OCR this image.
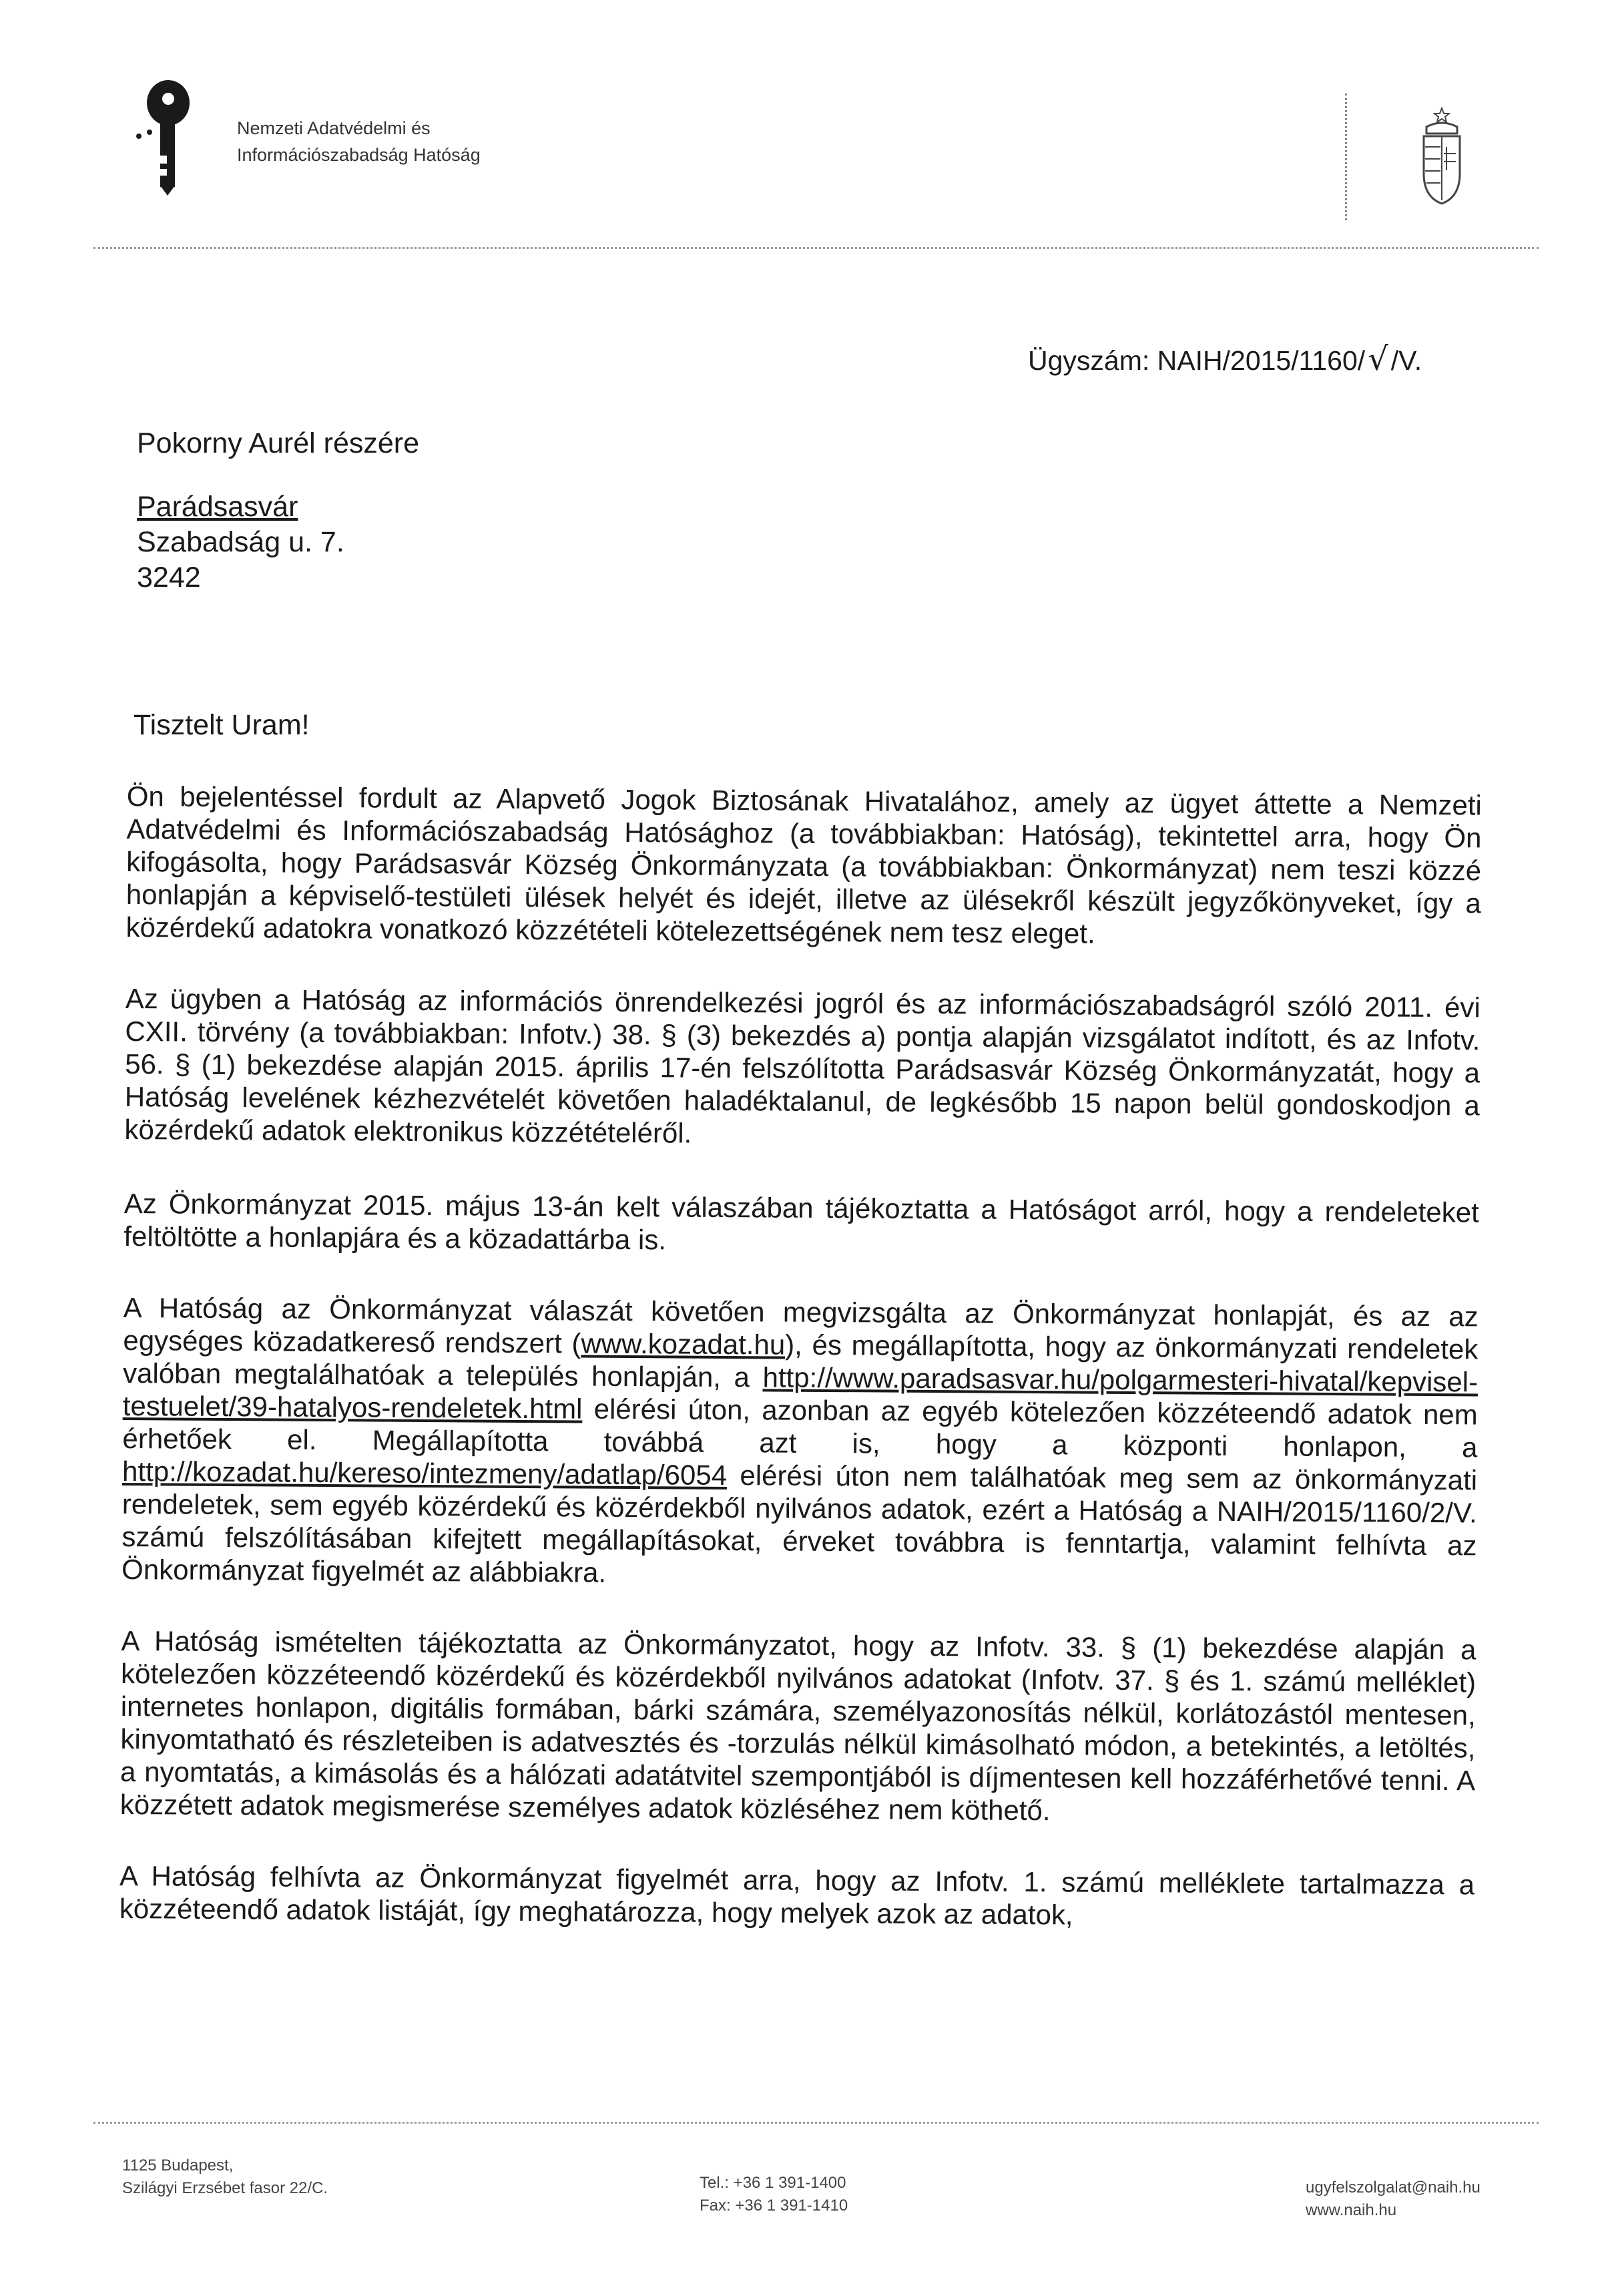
Nemzeti Adatvédelmi és
Információszabadság Hatóság
Ügyszám: NAIH/2015/1160/√/V.
Pokorny Aurél részére
Parádsasvár
Szabadság u. 7.
3242
Tisztelt Uram!

Ön bejelentéssel fordult az Alapvető Jogok Biztosának Hivatalához, amely az ügyet áttette a Nemzeti Adatvédelmi és Információszabadság Hatósághoz (a továbbiakban: Hatóság), tekintettel arra, hogy Ön kifogásolta, hogy Parádsasvár Község Önkormányzata (a továbbiakban: Önkormányzat) nem teszi közzé honlapján a képviselő-testületi ülések helyét és idejét, illetve az ülésekről készült jegyzőkönyveket, így a közérdekű adatokra vonatkozó közzétételi kötelezettségének nem tesz eleget.

Az ügyben a Hatóság az információs önrendelkezési jogról és az információszabadságról szóló 2011. évi CXII. törvény (a továbbiakban: Infotv.) 38. § (3) bekezdés a) pontja alapján vizsgálatot indított, és az Infotv. 56. § (1) bekezdése alapján 2015. április 17-én felszólította Parádsasvár Község Önkormányzatát, hogy a Hatóság levelének kézhezvételét követően haladéktalanul, de legkésőbb 15 napon belül gondoskodjon a közérdekű adatok elektronikus közzétételéről.

Az Önkormányzat 2015. május 13-án kelt válaszában tájékoztatta a Hatóságot arról, hogy a rendeleteket feltöltötte a honlapjára és a közadattárba is.

A Hatóság az Önkormányzat válaszát követően megvizsgálta az Önkormányzat honlapját, és az az egységes közadatkereső rendszert (www.kozadat.hu), és megállapította, hogy az önkormányzati rendeletek valóban megtalálhatóak a település honlapján, a http://www.paradsasvar.hu/polgarmesteri-hivatal/kepvisel-testuelet/39-hatalyos-rendeletek.html elérési úton, azonban az egyéb kötelezően közzéteendő adatok nem érhetőek el. Megállapította továbbá azt is, hogy a központi honlapon, a http://kozadat.hu/kereso/intezmeny/adatlap/6054 elérési úton nem találhatóak meg sem az önkormányzati rendeletek, sem egyéb közérdekű és közérdekből nyilvános adatok, ezért a Hatóság a NAIH/2015/1160/2/V. számú felszólításában kifejtett megállapításokat, érveket továbbra is fenntartja, valamint felhívta az Önkormányzat figyelmét az alábbiakra.

A Hatóság ismételten tájékoztatta az Önkormányzatot, hogy az Infotv. 33. § (1) bekezdése alapján a kötelezően közzéteendő közérdekű és közérdekből nyilvános adatokat (Infotv. 37. § és 1. számú melléklet) internetes honlapon, digitális formában, bárki számára, személyazonosítás nélkül, korlátozástól mentesen, kinyomtatható és részleteiben is adatvesztés és -torzulás nélkül kimásolható módon, a betekintés, a letöltés, a nyomtatás, a kimásolás és a hálózati adatátvitel szempontjából is díjmentesen kell hozzáférhetővé tenni. A közzétett adatok megismerése személyes adatok közléséhez nem köthető.

A Hatóság felhívta az Önkormányzat figyelmét arra, hogy az Infotv. 1. számú melléklete tartalmazza a közzéteendő adatok listáját, így meghatározza, hogy melyek azok az adatok,

1125 Budapest,
Szilágyi Erzsébet fasor 22/C.	Tel.: +36 1 391-1400
Fax: +36 1 391-1410
ugyfelszolgalat@naih.hu
www.naih.hu
